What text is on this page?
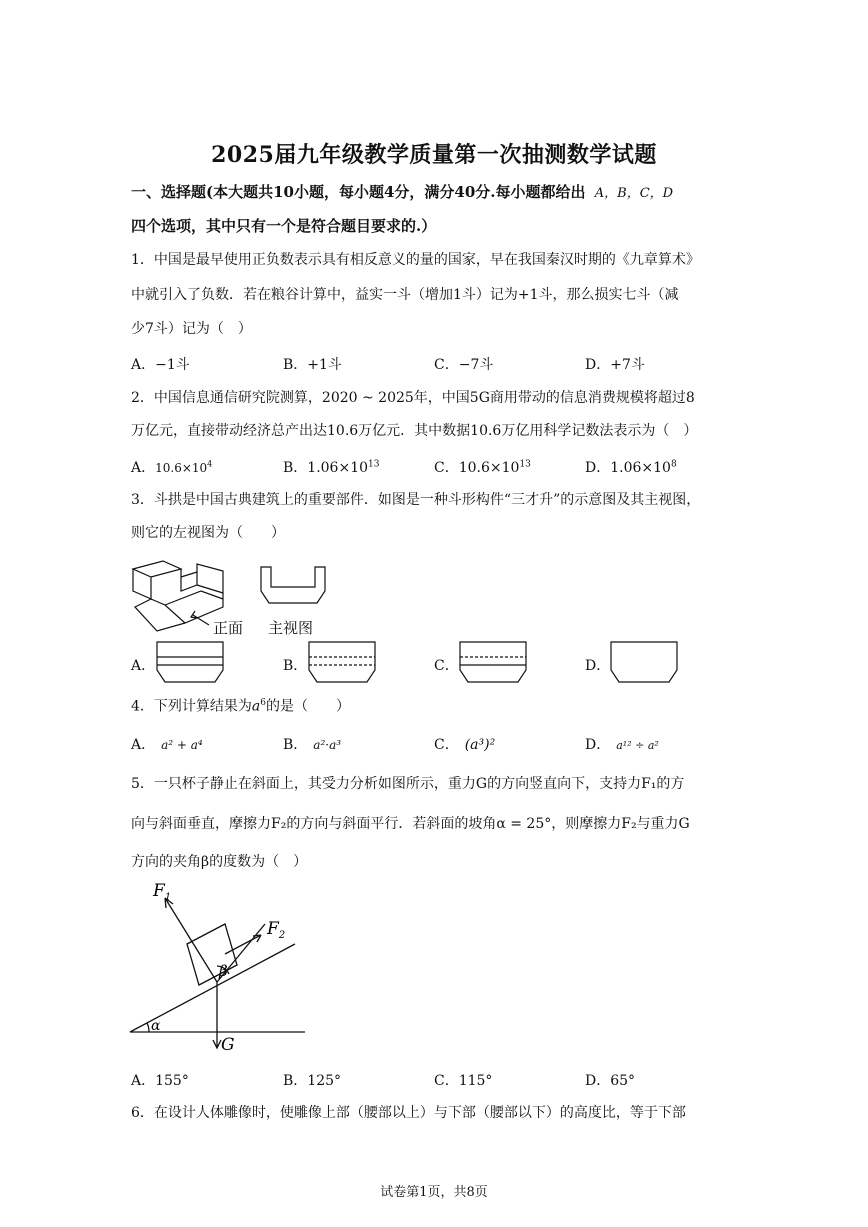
2025届九年级教学质量第一次抽测数学试题
一、选择题(本大题共10小题，每小题4分，满分40分.每小题都给出 A，B，C，D
四个选项，其中只有一个是符合题目要求的.）
1．中国是最早使用正负数表示具有相反意义的量的国家，早在我国秦汉时期的《九章算术》
中就引入了负数．若在粮谷计算中，益实一斗（增加1斗）记为+1斗，那么损实七斗（减
少7斗）记为（　）
A．−1斗	B．+1斗	C．−7斗	D．+7斗
2．中国信息通信研究院测算，2020 ~ 2025年，中国5G商用带动的信息消费规模将超过8
万亿元，直接带动经济总产出达10.6万亿元．其中数据10.6万亿用科学记数法表示为（　）
A．$10.6\times 10^4$	B．$1.06\times 10^{13}$	C．$10.6\times 10^{13}$	D．$1.06\times 10^8$
3．斗拱是中国古典建筑上的重要部件．如图是一种斗形构件“三才升”的示意图及其主视图，
则它的左视图为（　　）
正面 主视图
A．	B．	C．	D．
4．下列计算结果为$a^6$的是（　　）
A． a² + a⁴	B． a²·a³	C． (a³)²	D． a¹² ÷ a²
5．一只杯子静止在斜面上，其受力分析如图所示，重力G的方向竖直向下，支持力F₁的方
向与斜面垂直，摩擦力F₂的方向与斜面平行．若斜面的坡角α = 25°，则摩擦力F₂与重力G
方向的夹角β的度数为（　）
$F_1$
$F_2$
β
α
G
A．155°	B．125°	C．115°	D．65°
6．在设计人体雕像时，使雕像上部（腰部以上）与下部（腰部以下）的高度比，等于下部
试卷第1页，共8页
